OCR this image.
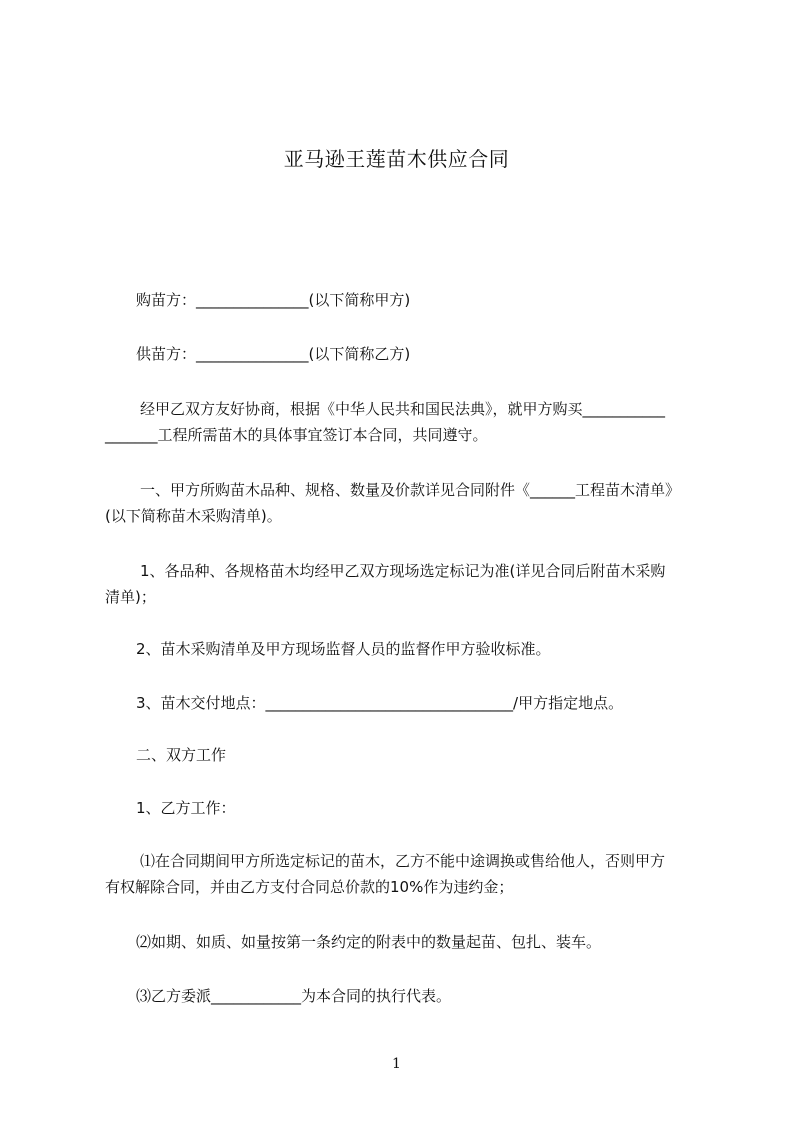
亚马逊王莲苗木供应合同
购苗方：_______________(以下简称甲方)
供苗方：_______________(以下简称乙方)
经甲乙双方友好协商，根据《中华人民共和国民法典》，就甲方购买___________
_______工程所需苗木的具体事宜签订本合同，共同遵守。
一、甲方所购苗木品种、规格、数量及价款详见合同附件《______工程苗木清单》
(以下简称苗木采购清单)。
1、各品种、各规格苗木均经甲乙双方现场选定标记为准(详见合同后附苗木采购
清单)；
2、苗木采购清单及甲方现场监督人员的监督作甲方验收标准。
3、苗木交付地点：_________________________________/甲方指定地点。
二、双方工作
1、乙方工作：
⑴在合同期间甲方所选定标记的苗木，乙方不能中途调换或售给他人，否则甲方
有权解除合同，并由乙方支付合同总价款的10%作为违约金；
⑵如期、如质、如量按第一条约定的附表中的数量起苗、包扎、装车。
⑶乙方委派____________为本合同的执行代表。
1
